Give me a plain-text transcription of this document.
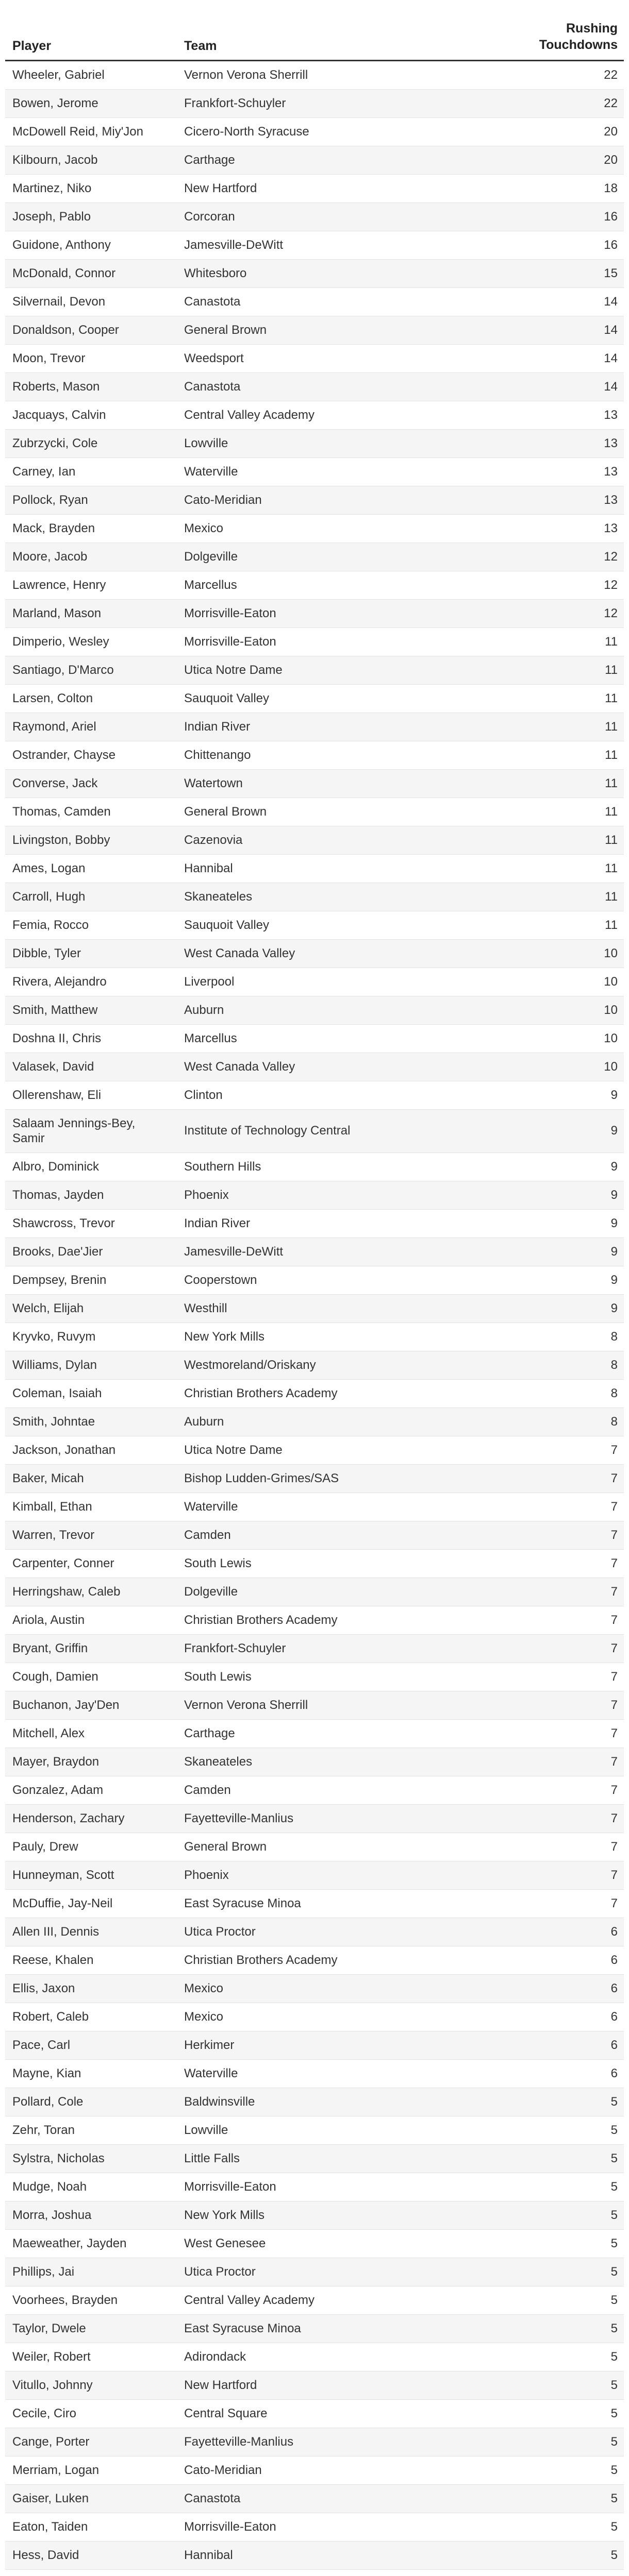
Player	Team	Rushing
Touchdowns
Wheeler, Gabriel	Vernon Verona Sherrill	22
Bowen, Jerome	Frankfort-Schuyler	22
McDowell Reid, Miy'Jon	Cicero-North Syracuse	20
Kilbourn, Jacob	Carthage	20
Martinez, Niko	New Hartford	18
Joseph, Pablo	Corcoran	16
Guidone, Anthony	Jamesville-DeWitt	16
McDonald, Connor	Whitesboro	15
Silvernail, Devon	Canastota	14
Donaldson, Cooper	General Brown	14
Moon, Trevor	Weedsport	14
Roberts, Mason	Canastota	14
Jacquays, Calvin	Central Valley Academy	13
Zubrzycki, Cole	Lowville	13
Carney, Ian	Waterville	13
Pollock, Ryan	Cato-Meridian	13
Mack, Brayden	Mexico	13
Moore, Jacob	Dolgeville	12
Lawrence, Henry	Marcellus	12
Marland, Mason	Morrisville-Eaton	12
Dimperio, Wesley	Morrisville-Eaton	11
Santiago, D'Marco	Utica Notre Dame	11
Larsen, Colton	Sauquoit Valley	11
Raymond, Ariel	Indian River	11
Ostrander, Chayse	Chittenango	11
Converse, Jack	Watertown	11
Thomas, Camden	General Brown	11
Livingston, Bobby	Cazenovia	11
Ames, Logan	Hannibal	11
Carroll, Hugh	Skaneateles	11
Femia, Rocco	Sauquoit Valley	11
Dibble, Tyler	West Canada Valley	10
Rivera, Alejandro	Liverpool	10
Smith, Matthew	Auburn	10
Doshna II, Chris	Marcellus	10
Valasek, David	West Canada Valley	10
Ollerenshaw, Eli	Clinton	9
Salaam Jennings-Bey, Samir	Institute of Technology Central	9
Albro, Dominick	Southern Hills	9
Thomas, Jayden	Phoenix	9
Shawcross, Trevor	Indian River	9
Brooks, Dae'Jier	Jamesville-DeWitt	9
Dempsey, Brenin	Cooperstown	9
Welch, Elijah	Westhill	9
Kryvko, Ruvym	New York Mills	8
Williams, Dylan	Westmoreland/Oriskany	8
Coleman, Isaiah	Christian Brothers Academy	8
Smith, Johntae	Auburn	8
Jackson, Jonathan	Utica Notre Dame	7
Baker, Micah	Bishop Ludden-Grimes/SAS	7
Kimball, Ethan	Waterville	7
Warren, Trevor	Camden	7
Carpenter, Conner	South Lewis	7
Herringshaw, Caleb	Dolgeville	7
Ariola, Austin	Christian Brothers Academy	7
Bryant, Griffin	Frankfort-Schuyler	7
Cough, Damien	South Lewis	7
Buchanon, Jay'Den	Vernon Verona Sherrill	7
Mitchell, Alex	Carthage	7
Mayer, Braydon	Skaneateles	7
Gonzalez, Adam	Camden	7
Henderson, Zachary	Fayetteville-Manlius	7
Pauly, Drew	General Brown	7
Hunneyman, Scott	Phoenix	7
McDuffie, Jay-Neil	East Syracuse Minoa	7
Allen III, Dennis	Utica Proctor	6
Reese, Khalen	Christian Brothers Academy	6
Ellis, Jaxon	Mexico	6
Robert, Caleb	Mexico	6
Pace, Carl	Herkimer	6
Mayne, Kian	Waterville	6
Pollard, Cole	Baldwinsville	5
Zehr, Toran	Lowville	5
Sylstra, Nicholas	Little Falls	5
Mudge, Noah	Morrisville-Eaton	5
Morra, Joshua	New York Mills	5
Maeweather, Jayden	West Genesee	5
Phillips, Jai	Utica Proctor	5
Voorhees, Brayden	Central Valley Academy	5
Taylor, Dwele	East Syracuse Minoa	5
Weiler, Robert	Adirondack	5
Vitullo, Johnny	New Hartford	5
Cecile, Ciro	Central Square	5
Cange, Porter	Fayetteville-Manlius	5
Merriam, Logan	Cato-Meridian	5
Gaiser, Luken	Canastota	5
Eaton, Taiden	Morrisville-Eaton	5
Hess, David	Hannibal	5
